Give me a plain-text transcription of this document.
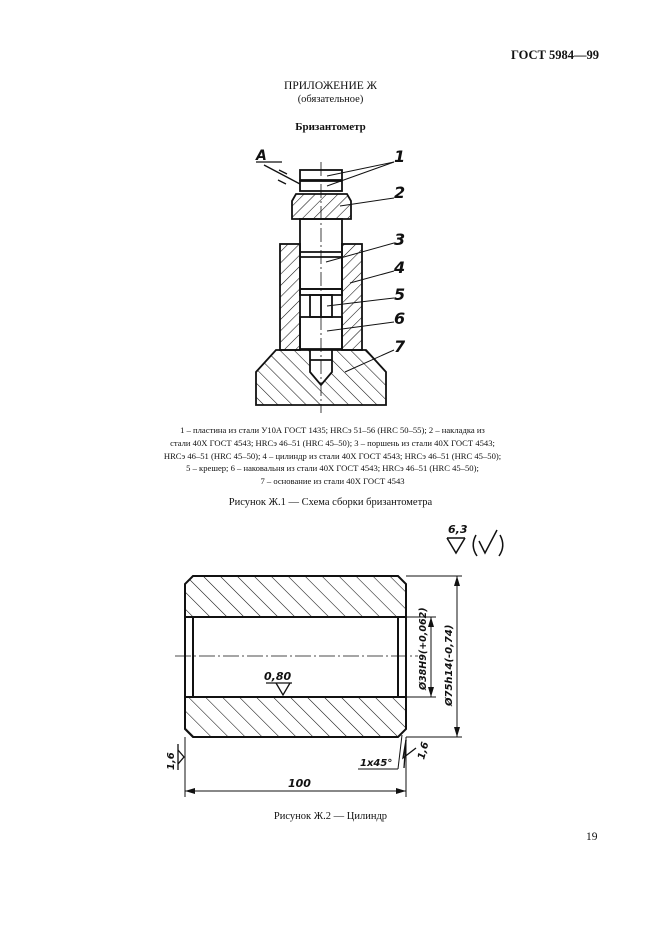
ГОСТ 5984—99
ПРИЛОЖЕНИЕ Ж
(обязательное)
Бризантометр
А	1
2
3
4
5
6
7
1 – пластина из стали У10А ГОСТ 1435; HRCэ 51–56 (HRC 50–55); 2 – накладка из
стали 40Х ГОСТ 4543; HRCэ 46–51 (HRC 45–50); 3 – поршень из стали 40Х ГОСТ 4543;
HRCэ 46–51 (HRC 45–50); 4 – цилиндр из стали 40Х ГОСТ 4543; HRCэ 46–51 (HRC 45–50);
5 – крешер; 6 – наковальня из стали 40Х ГОСТ 4543; HRCэ 46–51 (HRC 45–50);
7 – основание из стали 40Х ГОСТ 4543
Рисунок Ж.1 — Схема сборки бризантометра
6,3
0,80	Ø38H9(+0,062) Ø75h14(-0,74)
100
1x45°
1,6
1,6
Рисунок Ж.2 — Цилиндр
19
